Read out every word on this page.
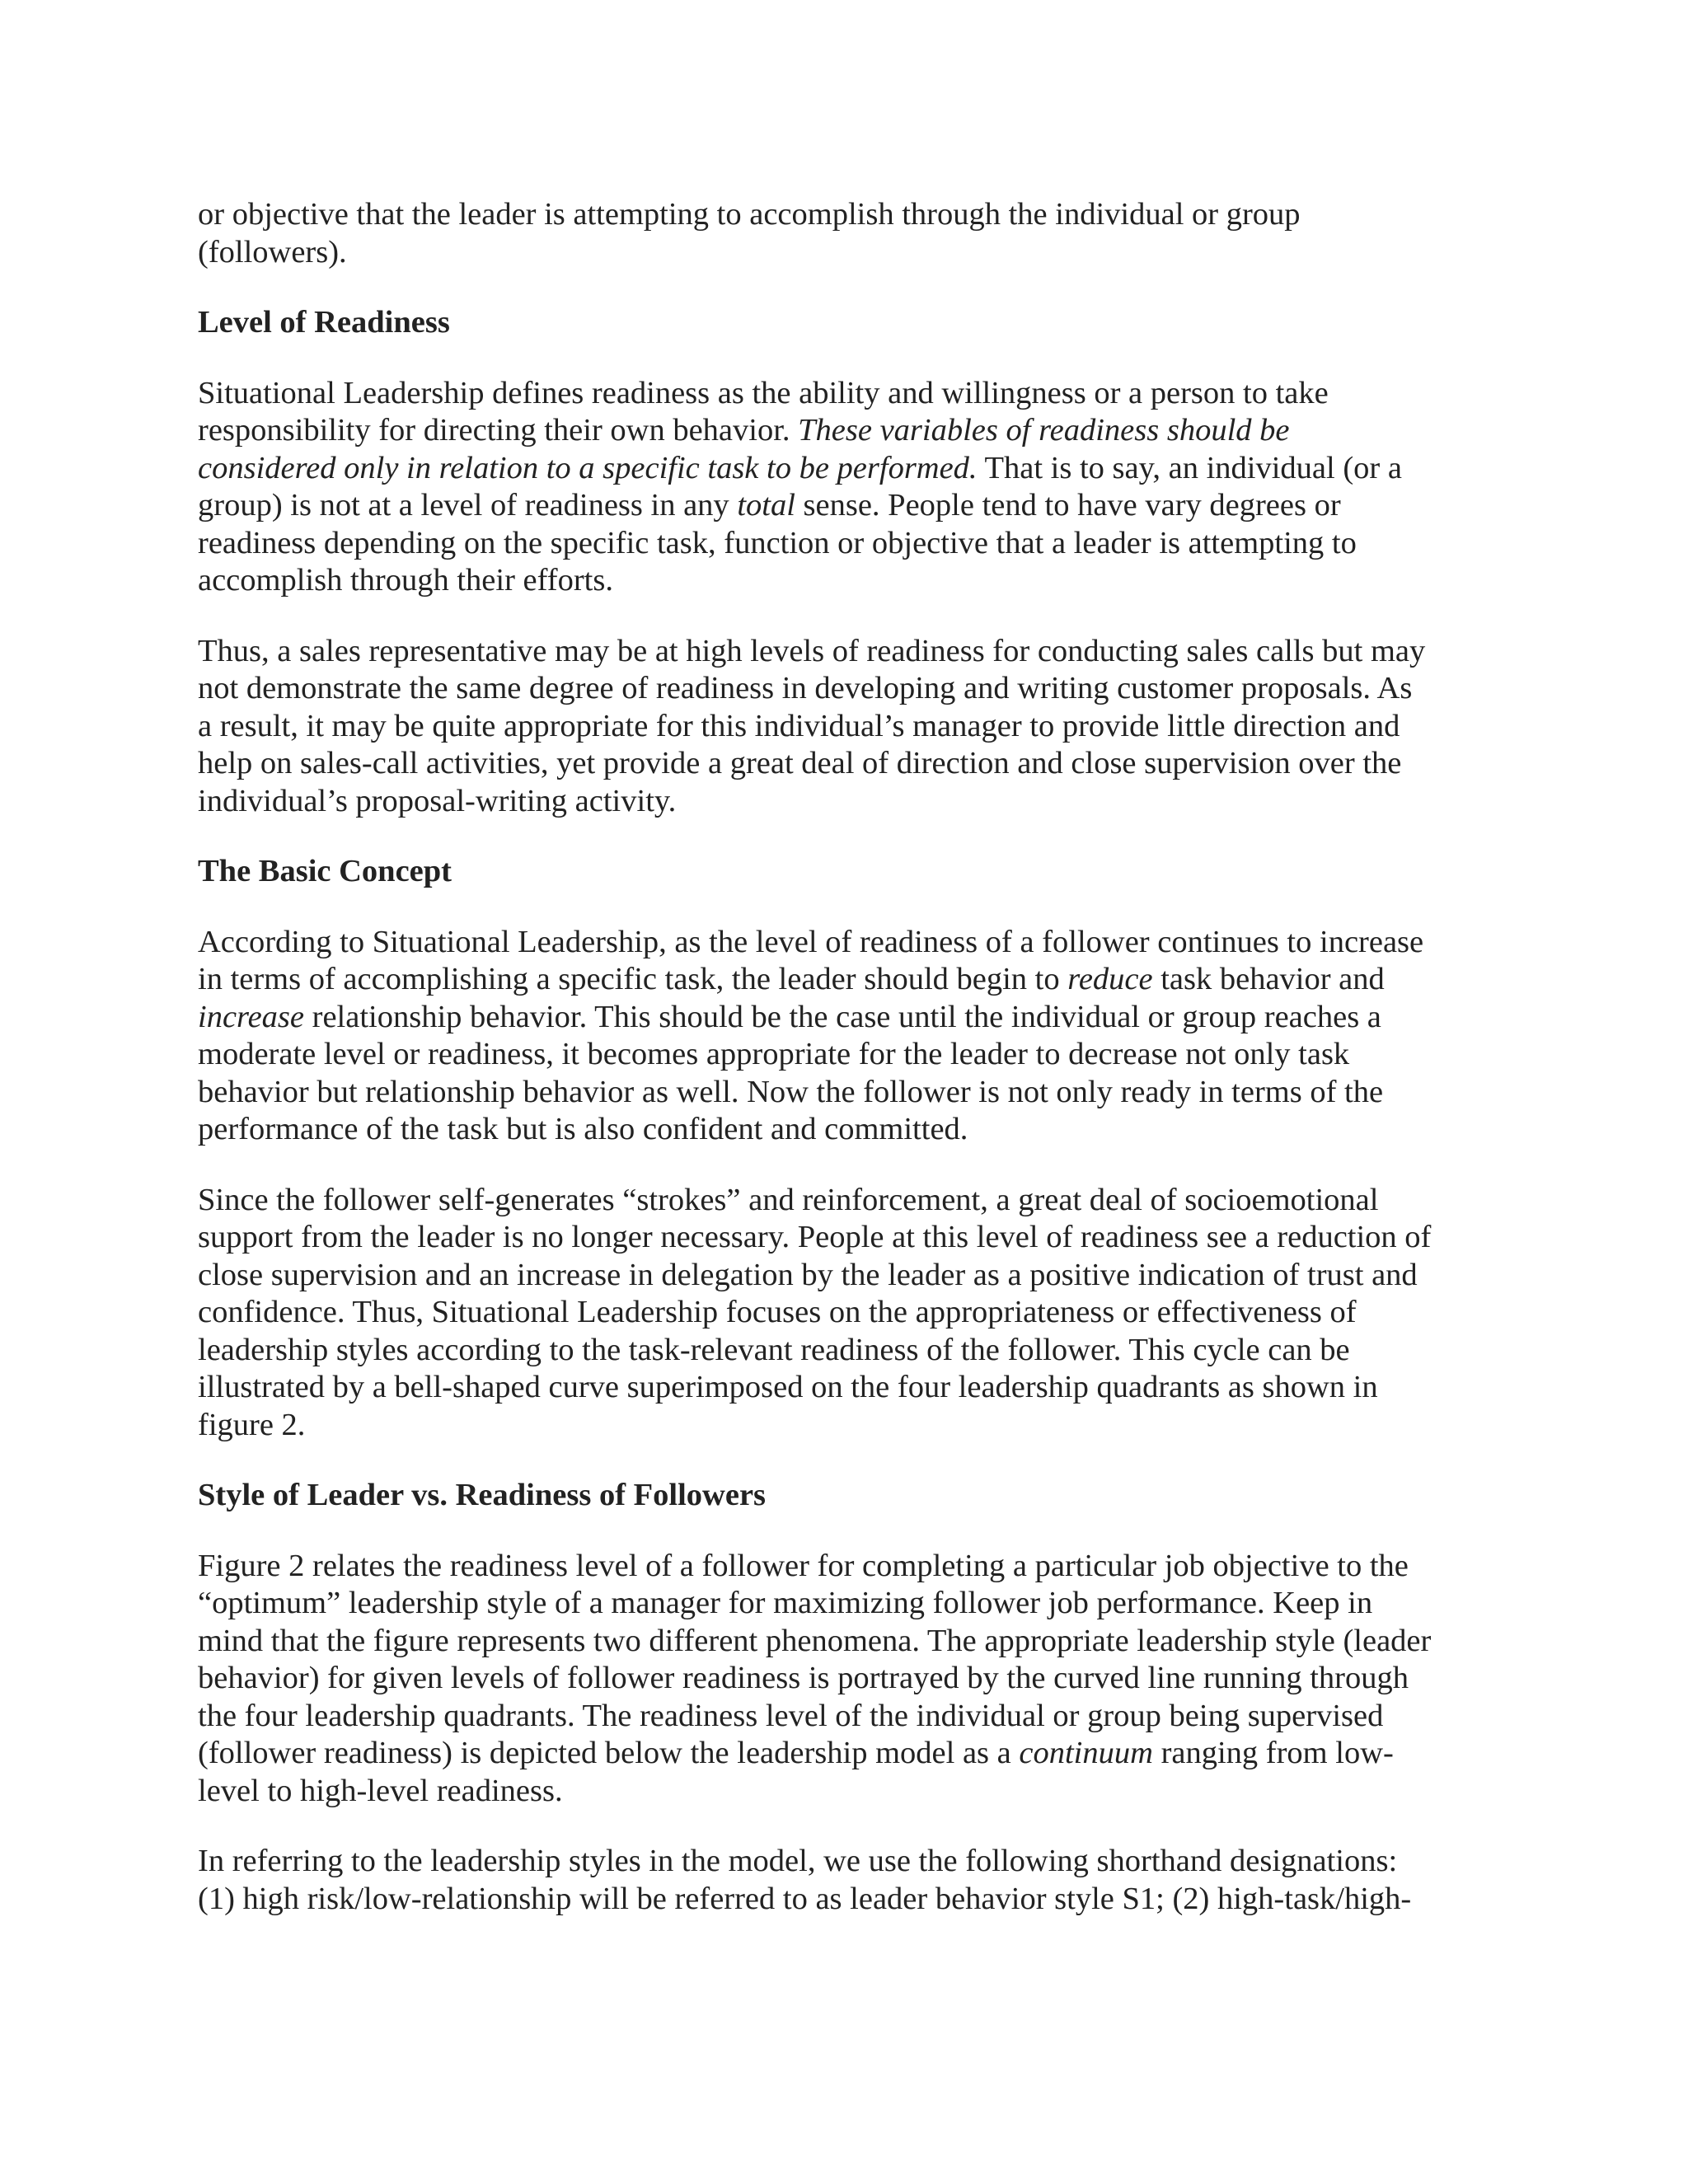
or objective that the leader is attempting to accomplish through the individual or group
(followers).
Level of Readiness
Situational Leadership defines readiness as the ability and willingness or a person to take
responsibility for directing their own behavior. These variables of readiness should be
considered only in relation to a specific task to be performed. That is to say, an individual (or a
group) is not at a level of readiness in any total sense. People tend to have vary degrees or
readiness depending on the specific task, function or objective that a leader is attempting to
accomplish through their efforts.
Thus, a sales representative may be at high levels of readiness for conducting sales calls but may
not demonstrate the same degree of readiness in developing and writing customer proposals. As
a result, it may be quite appropriate for this individual’s manager to provide little direction and
help on sales-call activities, yet provide a great deal of direction and close supervision over the
individual’s proposal-writing activity.
The Basic Concept
According to Situational Leadership, as the level of readiness of a follower continues to increase
in terms of accomplishing a specific task, the leader should begin to reduce task behavior and
increase relationship behavior. This should be the case until the individual or group reaches a
moderate level or readiness, it becomes appropriate for the leader to decrease not only task
behavior but relationship behavior as well. Now the follower is not only ready in terms of the
performance of the task but is also confident and committed.
Since the follower self-generates “strokes” and reinforcement, a great deal of socioemotional
support from the leader is no longer necessary. People at this level of readiness see a reduction of
close supervision and an increase in delegation by the leader as a positive indication of trust and
confidence. Thus, Situational Leadership focuses on the appropriateness or effectiveness of
leadership styles according to the task-relevant readiness of the follower. This cycle can be
illustrated by a bell-shaped curve superimposed on the four leadership quadrants as shown in
figure 2.
Style of Leader vs. Readiness of Followers
Figure 2 relates the readiness level of a follower for completing a particular job objective to the
“optimum” leadership style of a manager for maximizing follower job performance. Keep in
mind that the figure represents two different phenomena. The appropriate leadership style (leader
behavior) for given levels of follower readiness is portrayed by the curved line running through
the four leadership quadrants. The readiness level of the individual or group being supervised
(follower readiness) is depicted below the leadership model as a continuum ranging from low-
level to high-level readiness.
In referring to the leadership styles in the model, we use the following shorthand designations:
(1) high risk/low-relationship will be referred to as leader behavior style S1; (2) high-task/high-
